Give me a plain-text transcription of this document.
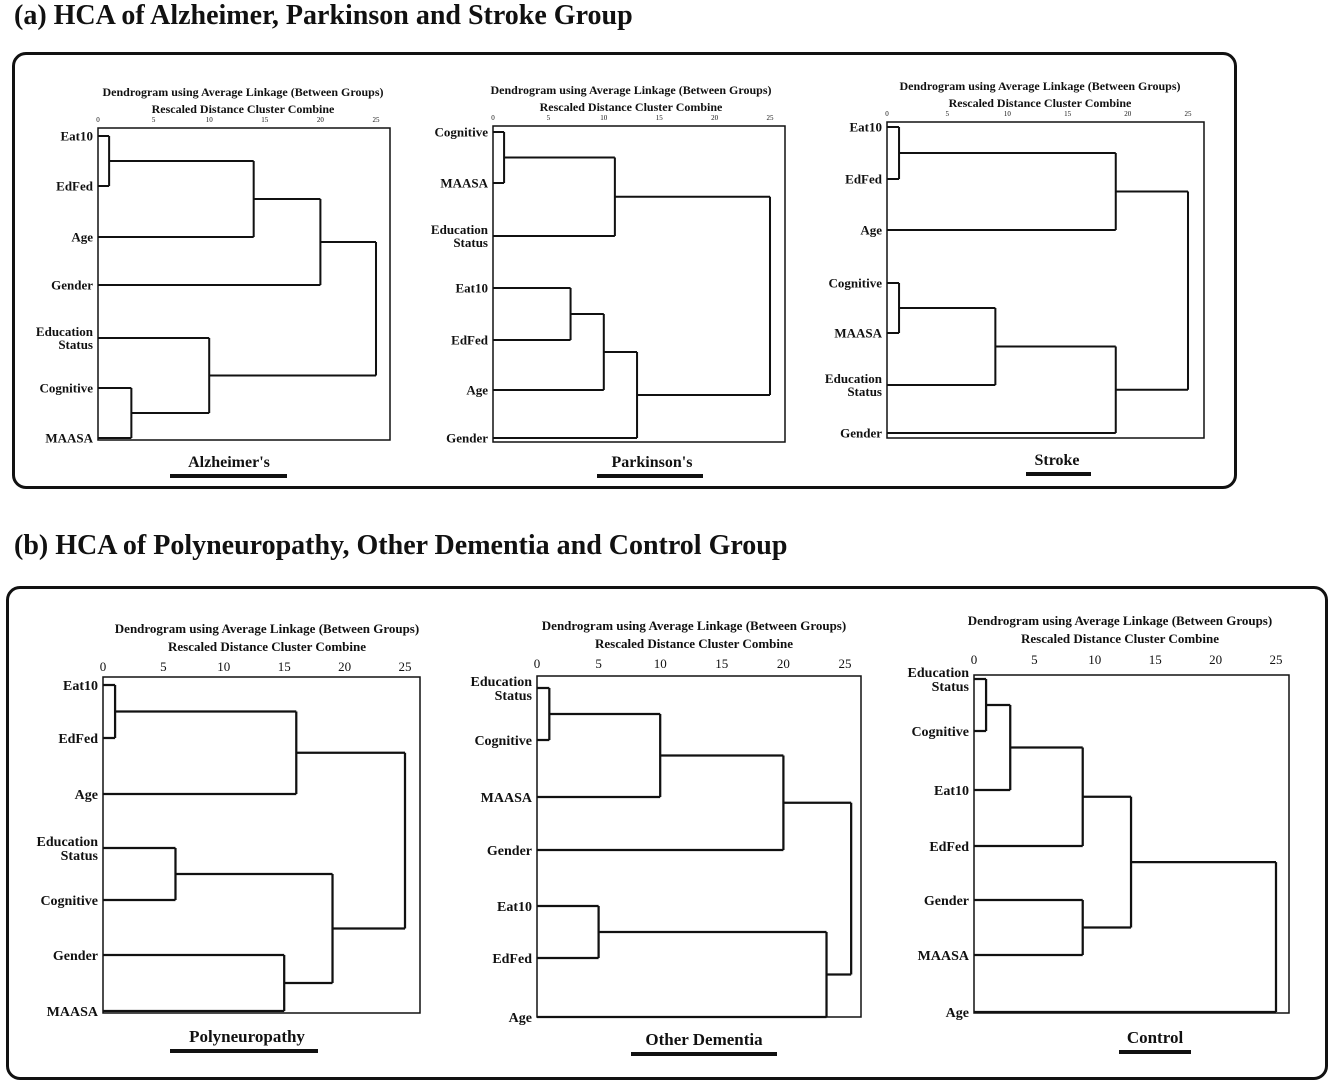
(a) HCA of Alzheimer, Parkinson and Stroke Group
(b) HCA of Polyneuropathy, Other Dementia and Control Group
Dendrogram using Average Linkage (Between Groups)
Rescaled Distance Cluster Combine
0	5	10	15	20	25
Eat10
EdFed
Age
Gender
Education Status
Cognitive
MAASA
Alzheimer's
Dendrogram using Average Linkage (Between Groups)
Rescaled Distance Cluster Combine
0	5	10	15	20	25
Cognitive
MAASA
Education Status
Eat10
EdFed
Age
Gender
Parkinson's
Dendrogram using Average Linkage (Between Groups)
Rescaled Distance Cluster Combine
0	5	10	15	20	25
Eat10
EdFed
Age
Cognitive
MAASA
Education Status
Gender
Stroke
Dendrogram using Average Linkage (Between Groups)
Rescaled Distance Cluster Combine
0	5	10	15	20	25
Eat10
EdFed
Age
Education Status
Cognitive
Gender
MAASA
Polyneuropathy
Dendrogram using Average Linkage (Between Groups)
Rescaled Distance Cluster Combine
0	5	10	15	20	25
Education Status
Cognitive
MAASA
Gender
Eat10
EdFed
Age
Other Dementia
Dendrogram using Average Linkage (Between Groups)
Rescaled Distance Cluster Combine
0	5	10	15	20	25
Education Status
Cognitive
Eat10
EdFed
Gender
MAASA
Age
Control
